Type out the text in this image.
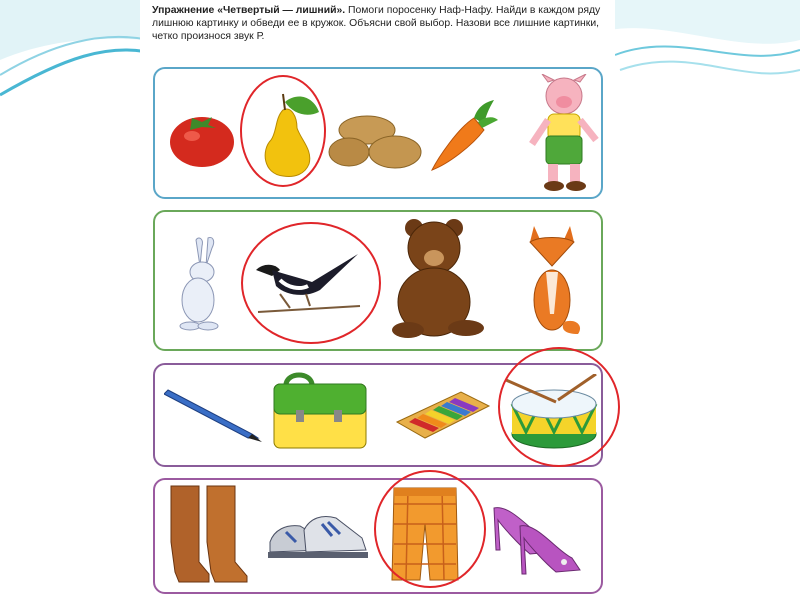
Упражнение «Четвертый — лишний». Помоги поросенку Наф-Нафу. Найди в каждом ряду лишнюю картинку и обведи ее в кружок. Объясни свой выбор. Назови все лишние картинки, четко произнося звук Р.
